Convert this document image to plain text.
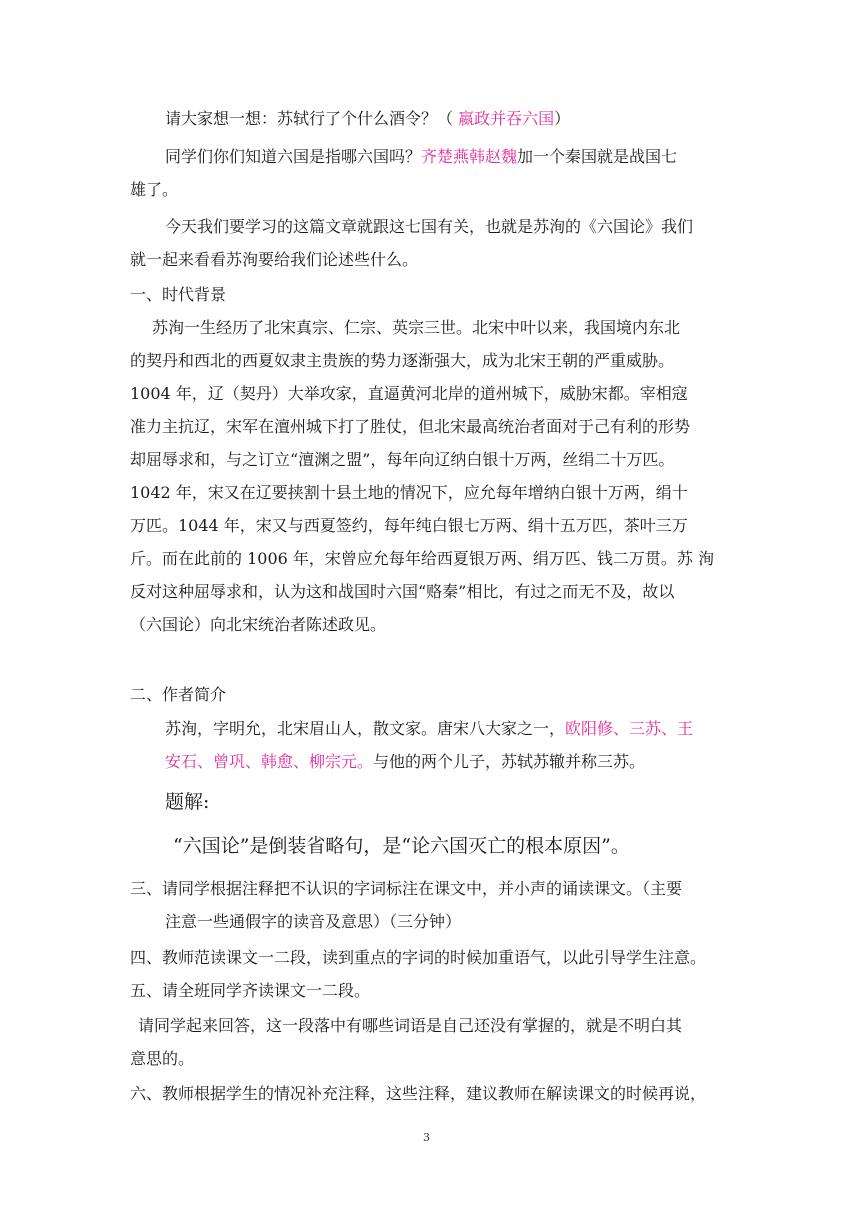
请大家想一想：苏轼行了个什么酒令？（ 嬴政并吞六国）
同学们你们知道六国是指哪六国吗？齐楚燕韩赵魏加一个秦国就是战国七
雄了。
今天我们要学习的这篇文章就跟这七国有关，也就是苏洵的《六国论》我们
就一起来看看苏洵要给我们论述些什么。
一、时代背景
苏洵一生经历了北宋真宗、仁宗、英宗三世。北宋中叶以来，我国境内东北
的契丹和西北的西夏奴隶主贵族的势力逐渐强大，成为北宋王朝的严重威胁。
1004 年，辽（契丹）大举攻家，直逼黄河北岸的道州城下，威胁宋都。宰相寇
准力主抗辽，宋军在澶州城下打了胜仗，但北宋最高统治者面对于己有利的形势
却屈辱求和，与之订立“澶渊之盟”，每年向辽纳白银十万两，丝绢二十万匹。
1042 年，宋又在辽要挟割十县土地的情况下，应允每年增纳白银十万两，绢十
万匹。1044 年，宋又与西夏签约，每年纯白银七万两、绢十五万匹，茶叶三万
斤。而在此前的 1006 年，宋曾应允每年给西夏银万两、绢万匹、钱二万贯。苏 洵
反对这种屈辱求和，认为这和战国时六国“赂秦”相比，有过之而无不及，故以
（六国论）向北宋统治者陈述政见。
二、作者简介
苏洵，字明允，北宋眉山人，散文家。唐宋八大家之一，欧阳修、三苏、王
安石、曾巩、韩愈、柳宗元。与他的两个儿子，苏轼苏辙并称三苏。
题解:
“六国论”是倒装省略句，是“论六国灭亡的根本原因”。
三、请同学根据注释把不认识的字词标注在课文中，并小声的诵读课文。（主要
注意一些通假字的读音及意思）（三分钟）
四、教师范读课文一二段，读到重点的字词的时候加重语气，以此引导学生注意。
五、请全班同学齐读课文一二段。
请同学起来回答，这一段落中有哪些词语是自己还没有掌握的，就是不明白其
意思的。
六、教师根据学生的情况补充注释，这些注释，建议教师在解读课文的时候再说，
3
